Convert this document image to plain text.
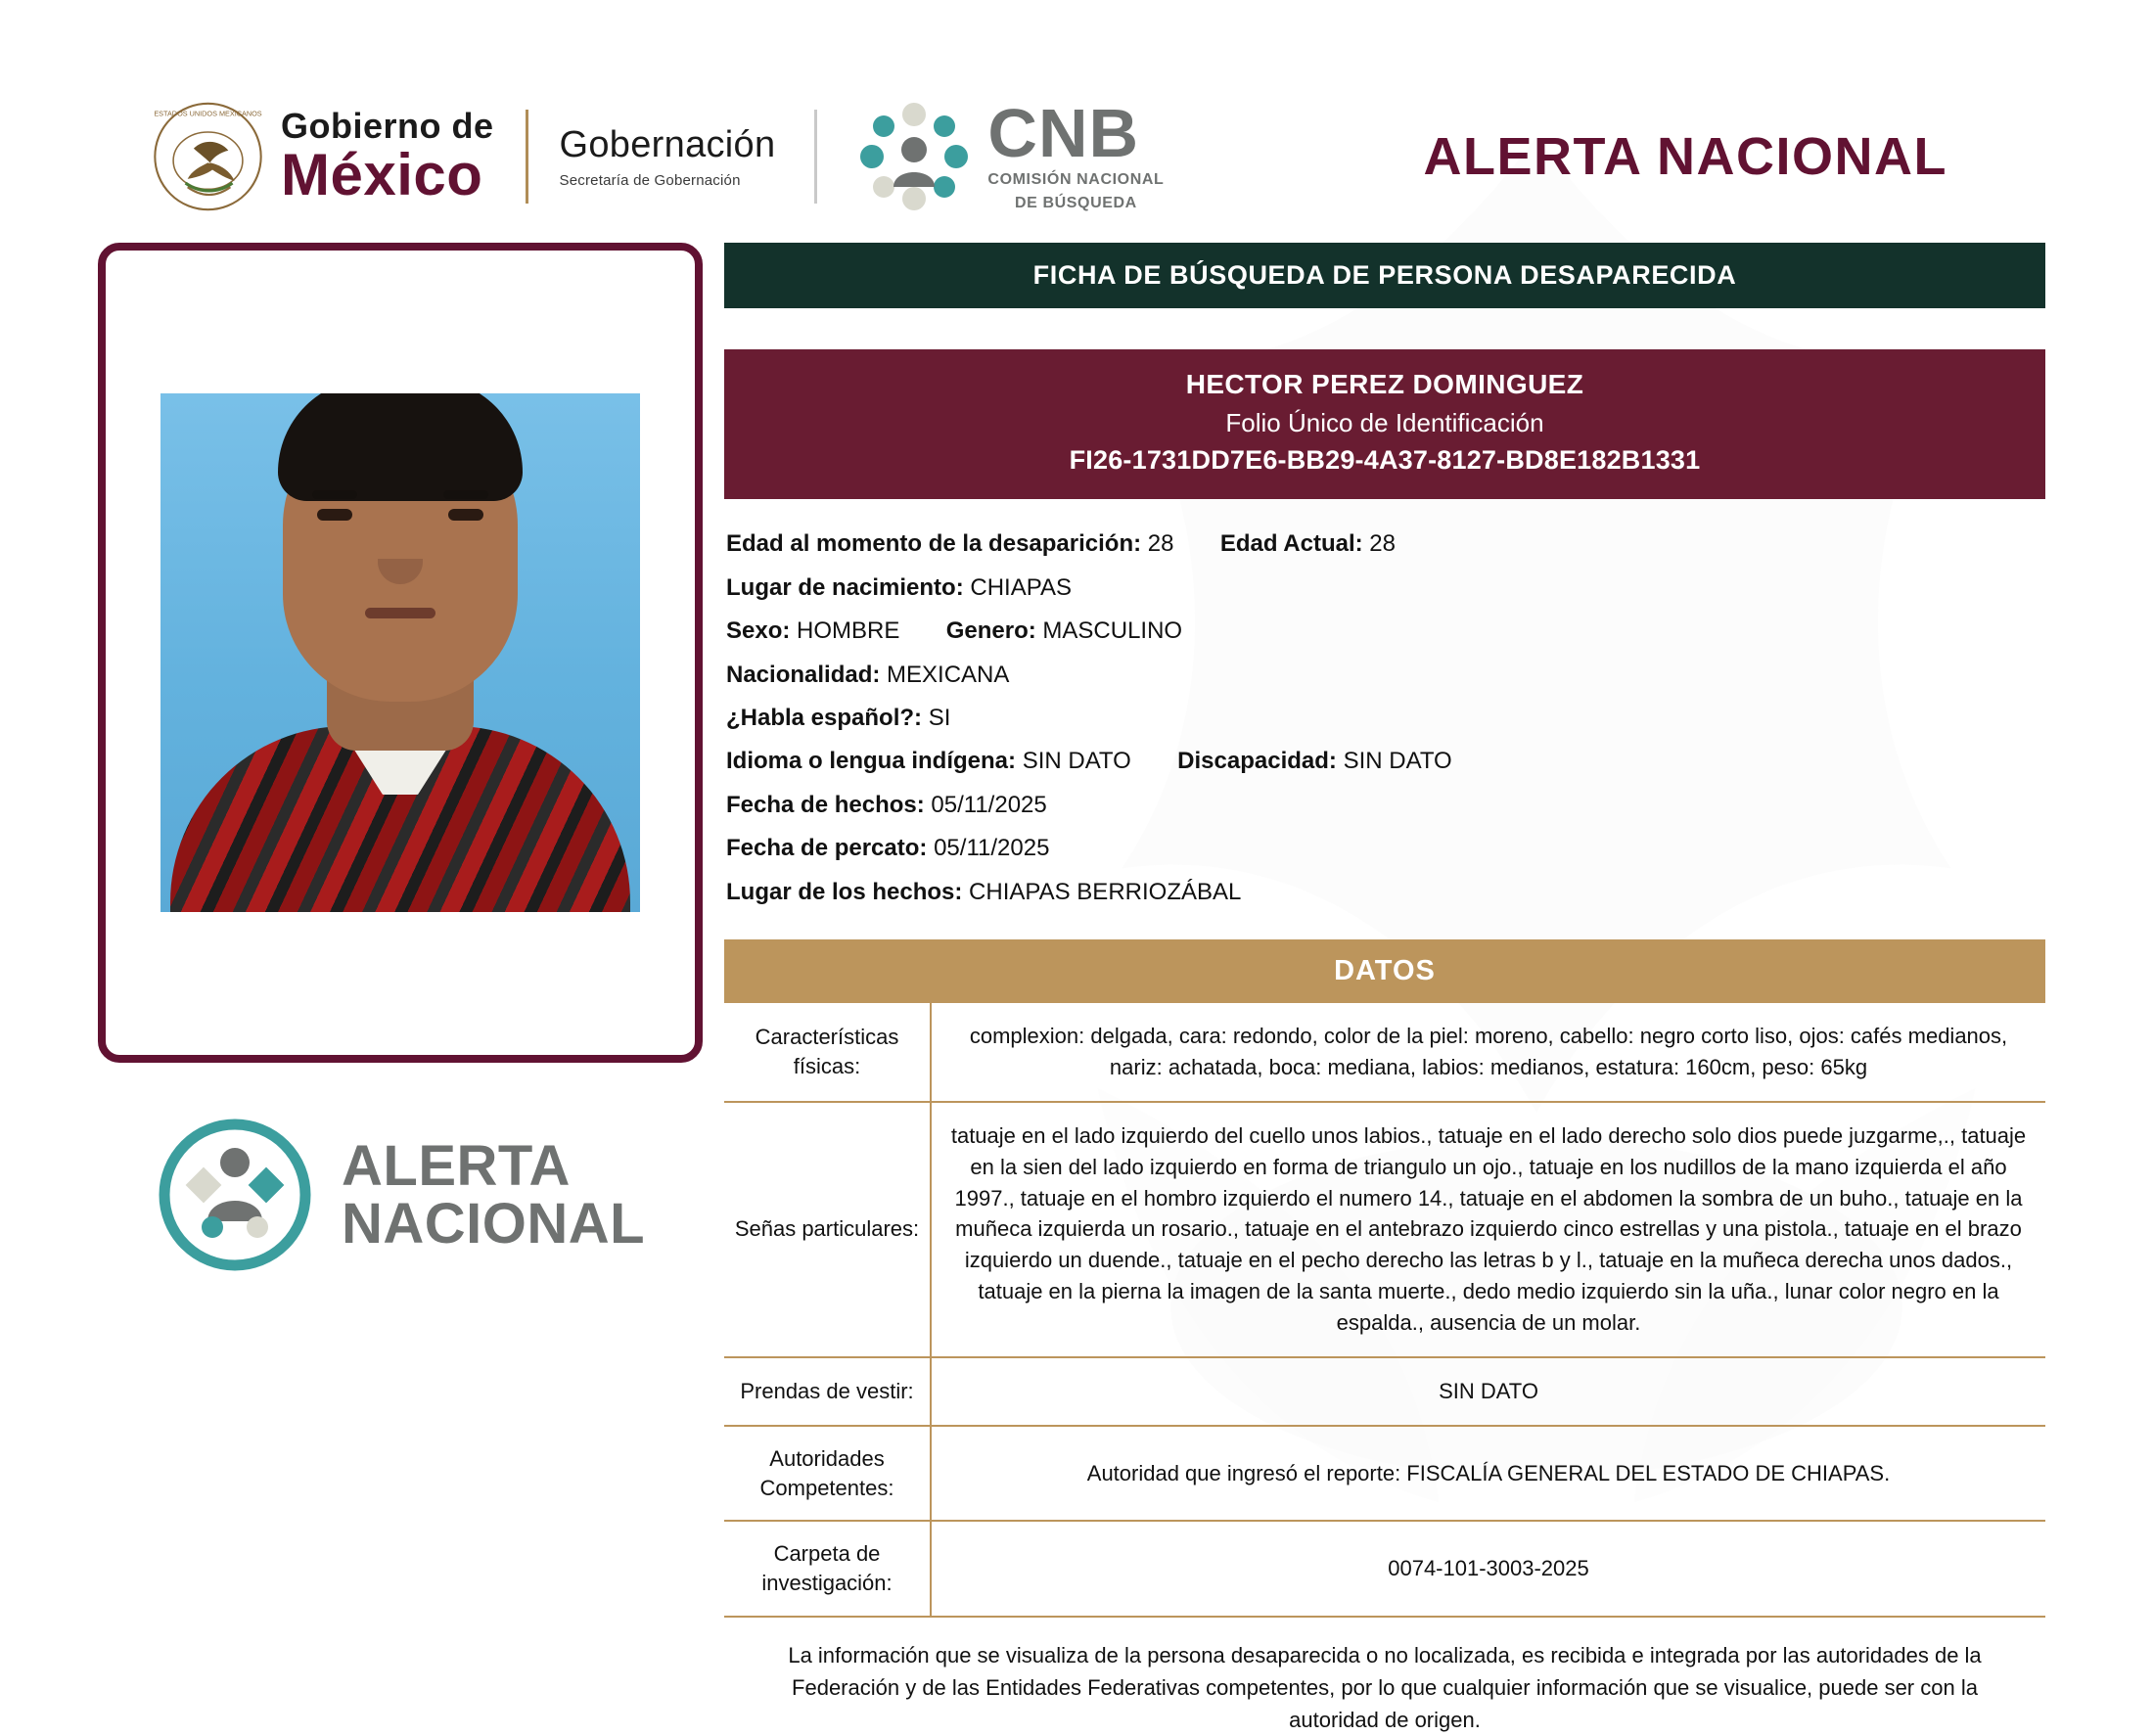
ESTADOS UNIDOS MEXICANOS Gobierno de
México Gobernación
Secretaría de Gobernación
CNB
COMISIÓN NACIONAL
DE BÚSQUEDA
ALERTA NACIONAL
ALERTA
NACIONAL
FICHA DE BÚSQUEDA DE PERSONA DESAPARECIDA
HECTOR PEREZ DOMINGUEZ
Folio Único de Identificación
FI26-1731DD7E6-BB29-4A37-8127-BD8E182B1331
Edad al momento de la desaparición: 28 Edad Actual: 28
Lugar de nacimiento: CHIAPAS
Sexo: HOMBRE Genero: MASCULINO
Nacionalidad: MEXICANA
¿Habla español?: SI
Idioma o lengua indígena: SIN DATO Discapacidad: SIN DATO
Fecha de hechos: 05/11/2025
Fecha de percato: 05/11/2025
Lugar de los hechos: CHIAPAS BERRIOZÁBAL
DATOS
Características físicas:	complexion: delgada, cara: redondo, color de la piel: moreno, cabello: negro corto liso, ojos: cafés medianos, nariz: achatada, boca: mediana, labios: medianos, estatura: 160cm, peso: 65kg
Señas particulares:	tatuaje en el lado izquierdo del cuello unos labios., tatuaje en el lado derecho solo dios puede juzgarme,., tatuaje en la sien del lado izquierdo en forma de triangulo un ojo., tatuaje en los nudillos de la mano izquierda el año 1997., tatuaje en el hombro izquierdo el numero 14., tatuaje en el abdomen la sombra de un buho., tatuaje en la muñeca izquierda un rosario., tatuaje en el antebrazo izquierdo cinco estrellas y una pistola., tatuaje en el brazo izquierdo un duende., tatuaje en el pecho derecho las letras b y l., tatuaje en la muñeca derecha unos dados., tatuaje en la pierna la imagen de la santa muerte., dedo medio izquierdo sin la uña., lunar color negro en la espalda., ausencia de un molar.
Prendas de vestir:	SIN DATO
Autoridades Competentes:	Autoridad que ingresó el reporte: FISCALÍA GENERAL DEL ESTADO DE CHIAPAS.
Carpeta de investigación:	0074-101-3003-2025
La información que se visualiza de la persona desaparecida o no localizada, es recibida e integrada por las autoridades de la Federación y de las Entidades Federativas competentes, por lo que cualquier información que se visualice, puede ser con la autoridad de origen.
